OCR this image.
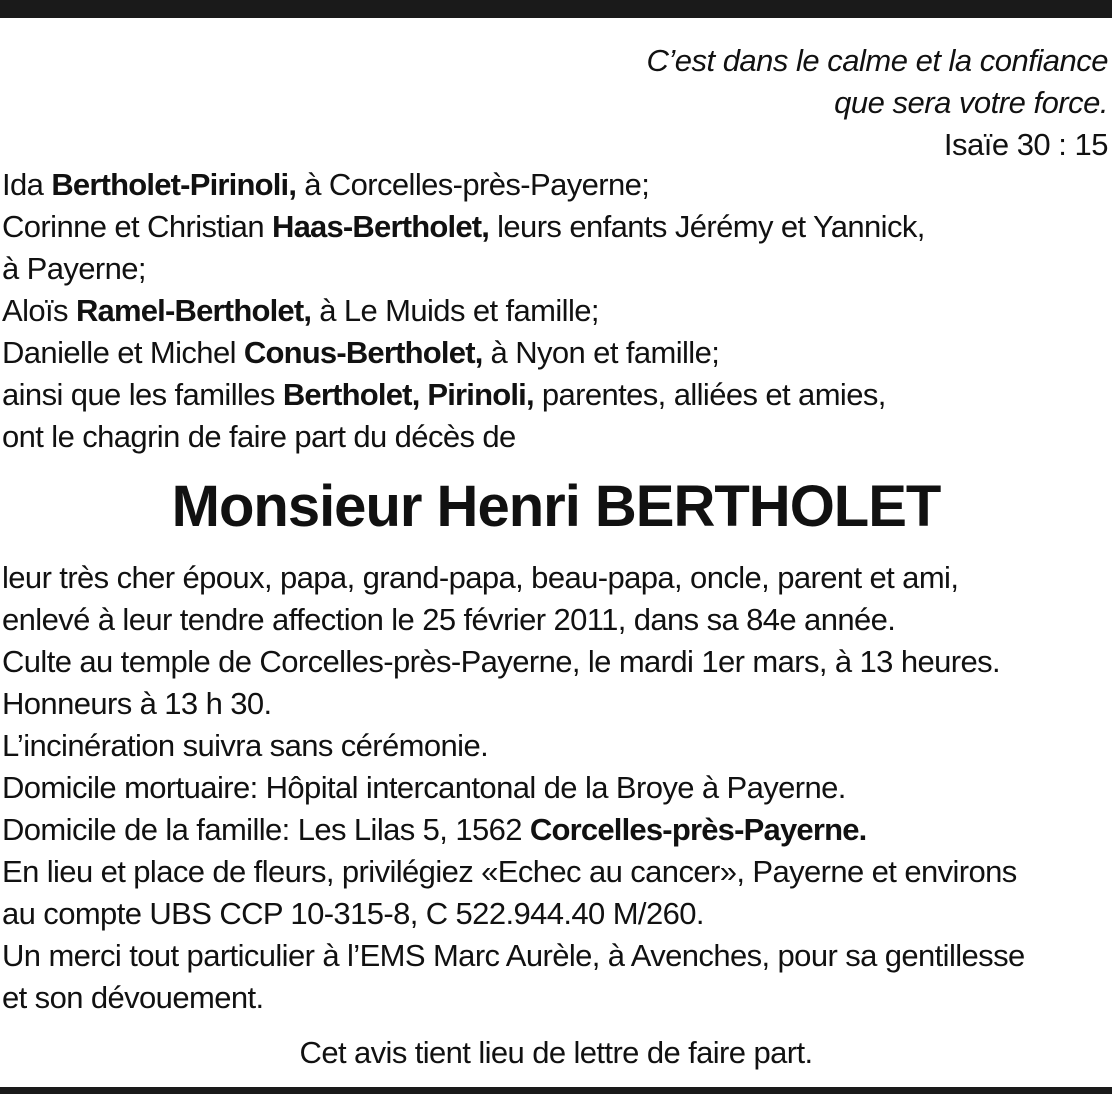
C’est dans le calme et la confiance
que sera votre force.
Isaïe 30 : 15
Ida Bertholet-Pirinoli, à Corcelles-près-Payerne;
Corinne et Christian Haas-Bertholet, leurs enfants Jérémy et Yannick,
à Payerne;
Aloïs Ramel-Bertholet, à Le Muids et famille;
Danielle et Michel Conus-Bertholet, à Nyon et famille;
ainsi que les familles Bertholet, Pirinoli, parentes, alliées et amies,
ont le chagrin de faire part du décès de
Monsieur Henri BERTHOLET
leur très cher époux, papa, grand-papa, beau-papa, oncle, parent et ami,
enlevé à leur tendre affection le 25 février 2011, dans sa 84e année.
Culte au temple de Corcelles-près-Payerne, le mardi 1er mars, à 13 heures.
Honneurs à 13 h 30.
L’incinération suivra sans cérémonie.
Domicile mortuaire: Hôpital intercantonal de la Broye à Payerne.
Domicile de la famille: Les Lilas 5, 1562 Corcelles-près-Payerne.
En lieu et place de fleurs, privilégiez «Echec au cancer», Payerne et environs
au compte UBS CCP 10-315-8, C 522.944.40 M/260.
Un merci tout particulier à l’EMS Marc Aurèle, à Avenches, pour sa gentillesse
et son dévouement.
Cet avis tient lieu de lettre de faire part.
